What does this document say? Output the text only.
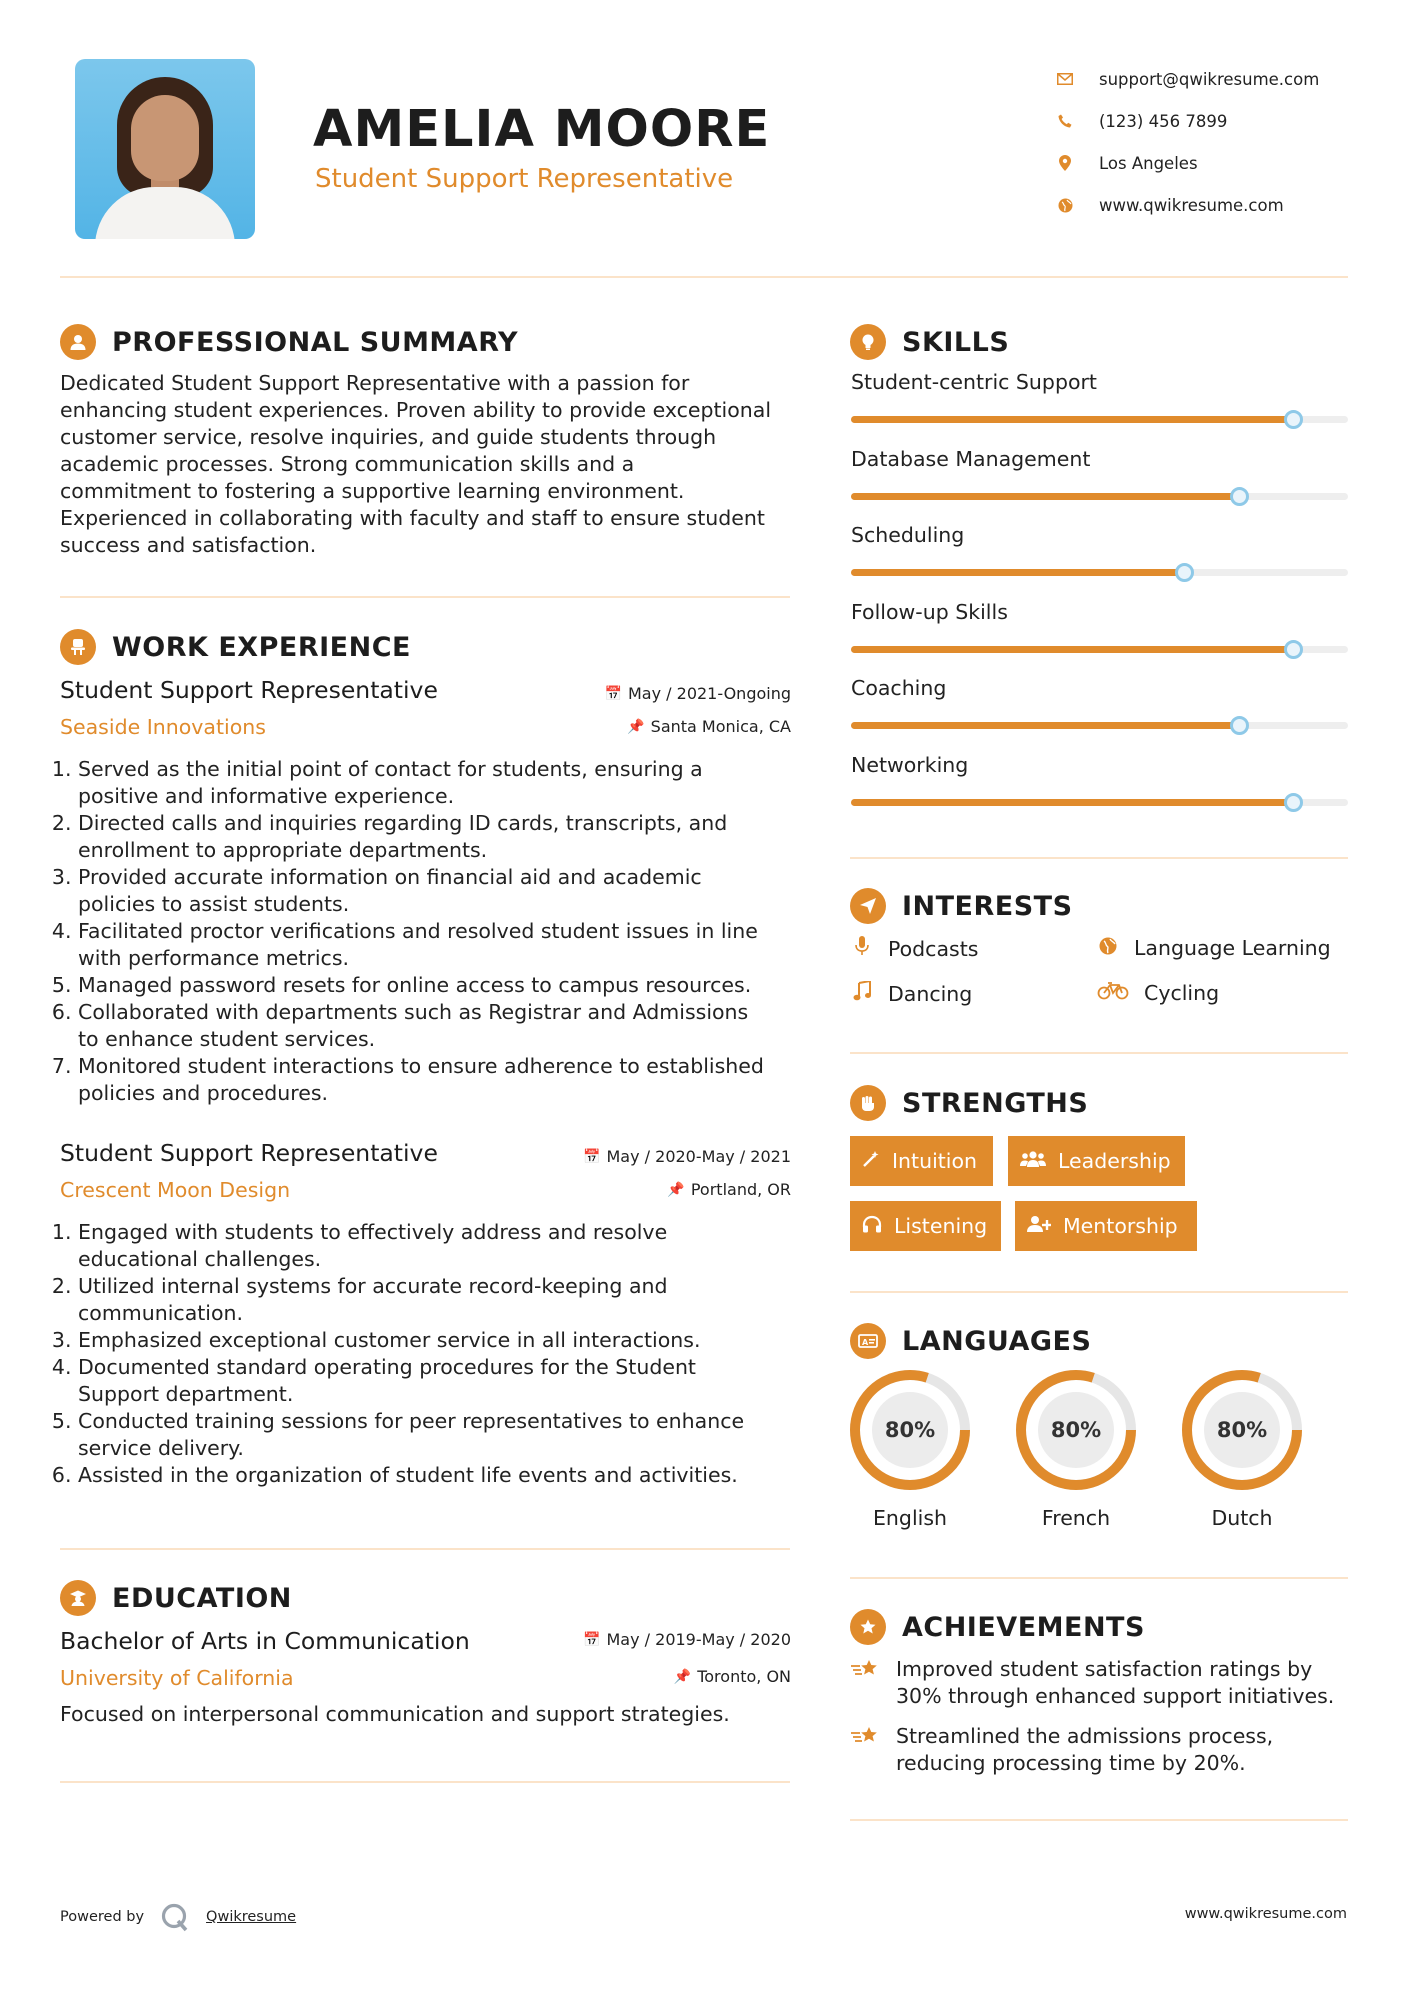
AMELIA MOORE
Student Support Representative
support@qwikresume.com
(123) 456 7899
Los Angeles
www.qwikresume.com
PROFESSIONAL SUMMARY
Dedicated Student Support Representative with a passion for
enhancing student experiences. Proven ability to provide exceptional
customer service, resolve inquiries, and guide students through
academic processes. Strong communication skills and a
commitment to fostering a supportive learning environment.
Experienced in collaborating with faculty and staff to ensure student
success and satisfaction.
WORK EXPERIENCE
Student Support Representative
Seaside Innovations
📅 May / 2021-Ongoing
📌 Santa Monica, CA
1. Served as the initial point of contact for students, ensuring a
positive and informative experience.
2. Directed calls and inquiries regarding ID cards, transcripts, and
enrollment to appropriate departments.
3. Provided accurate information on financial aid and academic
policies to assist students.
4. Facilitated proctor verifications and resolved student issues in line
with performance metrics.
5. Managed password resets for online access to campus resources.
6. Collaborated with departments such as Registrar and Admissions
to enhance student services.
7. Monitored student interactions to ensure adherence to established
policies and procedures.
Student Support Representative
Crescent Moon Design
📅 May / 2020-May / 2021
📌 Portland, OR
1. Engaged with students to effectively address and resolve
educational challenges.
2. Utilized internal systems for accurate record-keeping and
communication.
3. Emphasized exceptional customer service in all interactions.
4. Documented standard operating procedures for the Student
Support department.
5. Conducted training sessions for peer representatives to enhance
service delivery.
6. Assisted in the organization of student life events and activities.
EDUCATION
Bachelor of Arts in Communication
University of California
📅 May / 2019-May / 2020
📌 Toronto, ON
Focused on interpersonal communication and support strategies.
SKILLS
Student-centric Support
Database Management
Scheduling
Follow-up Skills
Coaching
Networking
INTERESTS
Podcasts	Language Learning
Dancing	Cycling
STRENGTHS
Intuition	Leadership
Listening	Mentorship
A LANGUAGES
80%
English
80%
French
80%
Dutch
ACHIEVEMENTS
Improved student satisfaction ratings by
30% through enhanced support initiatives.
Streamlined the admissions process,
reducing processing time by 20%.
Powered by	Qwikresume	www.qwikresume.com
